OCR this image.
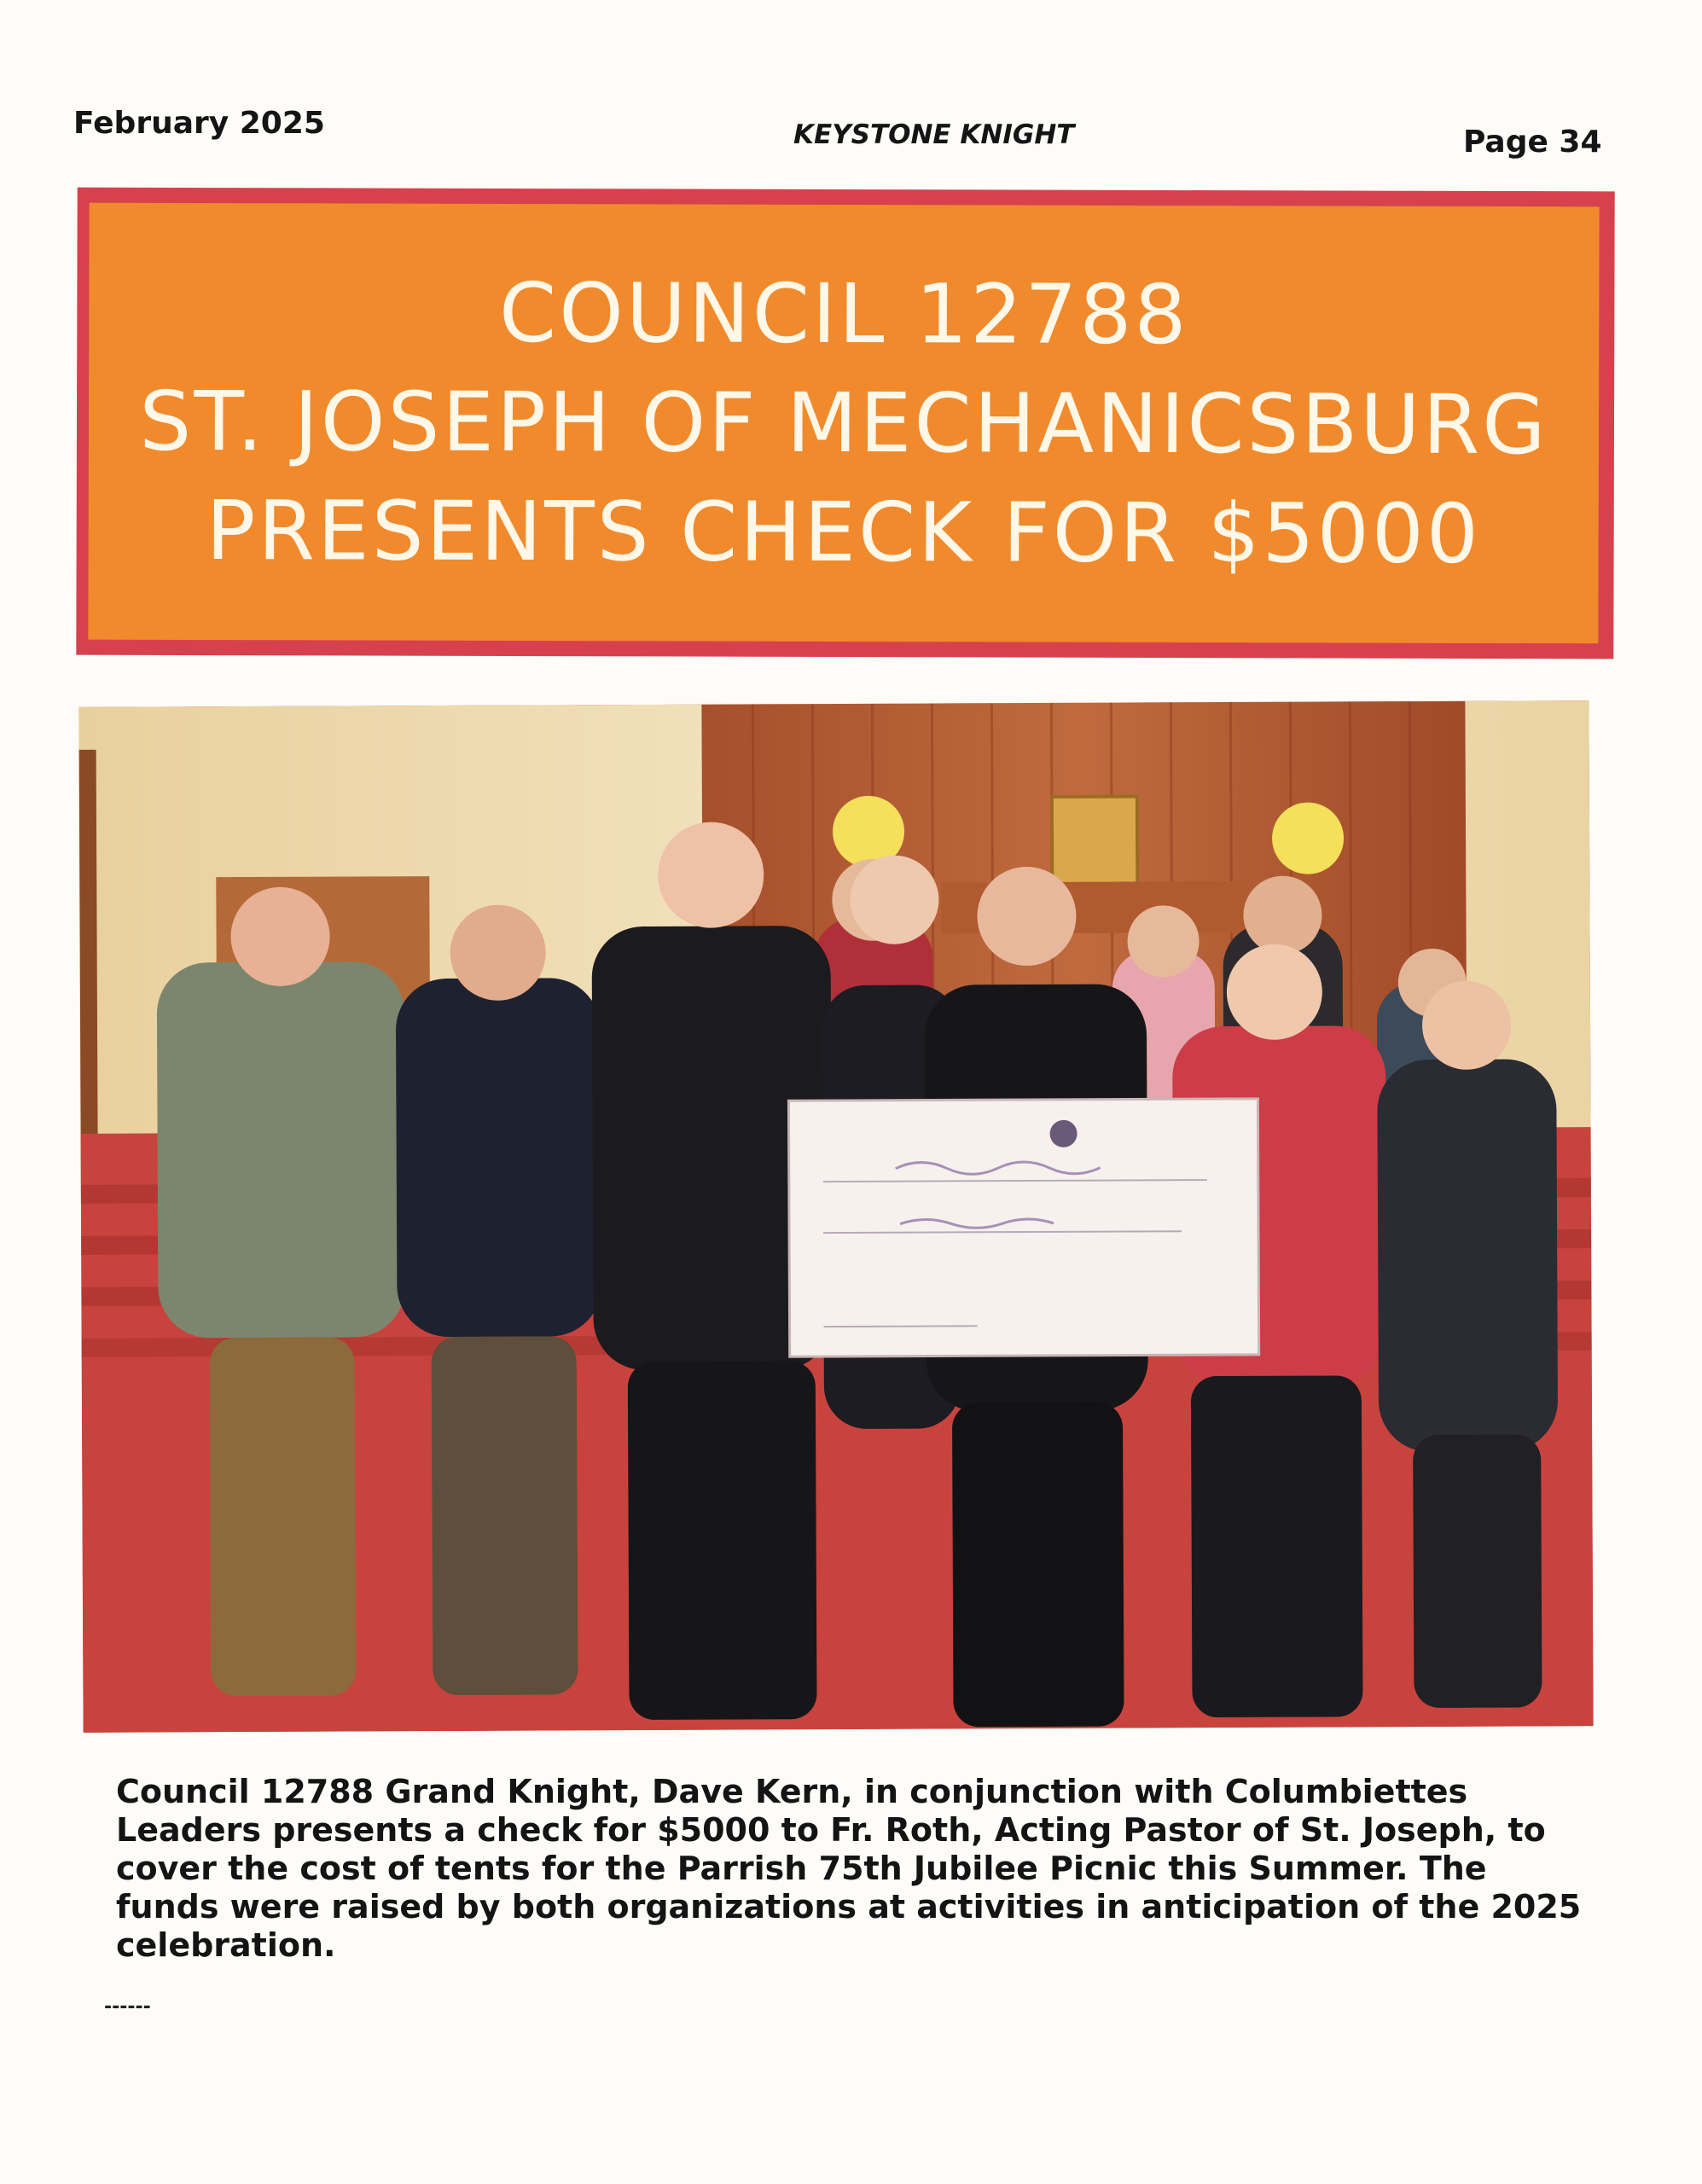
February 2025	KEYSTONE KNIGHT	Page 34
COUNCIL 12788
ST. JOSEPH OF MECHANICSBURG
PRESENTS CHECK FOR $5000
Council 12788 Grand Knight, Dave Kern, in conjunction with Columbiettes Leaders presents a check for $5000 to Fr. Roth, Acting Pastor of St. Joseph, to cover the cost of tents for the Parrish 75th Jubilee Picnic this Summer. The funds were raised by both organizations at activities in anticipation of the 2025 celebration.
------
